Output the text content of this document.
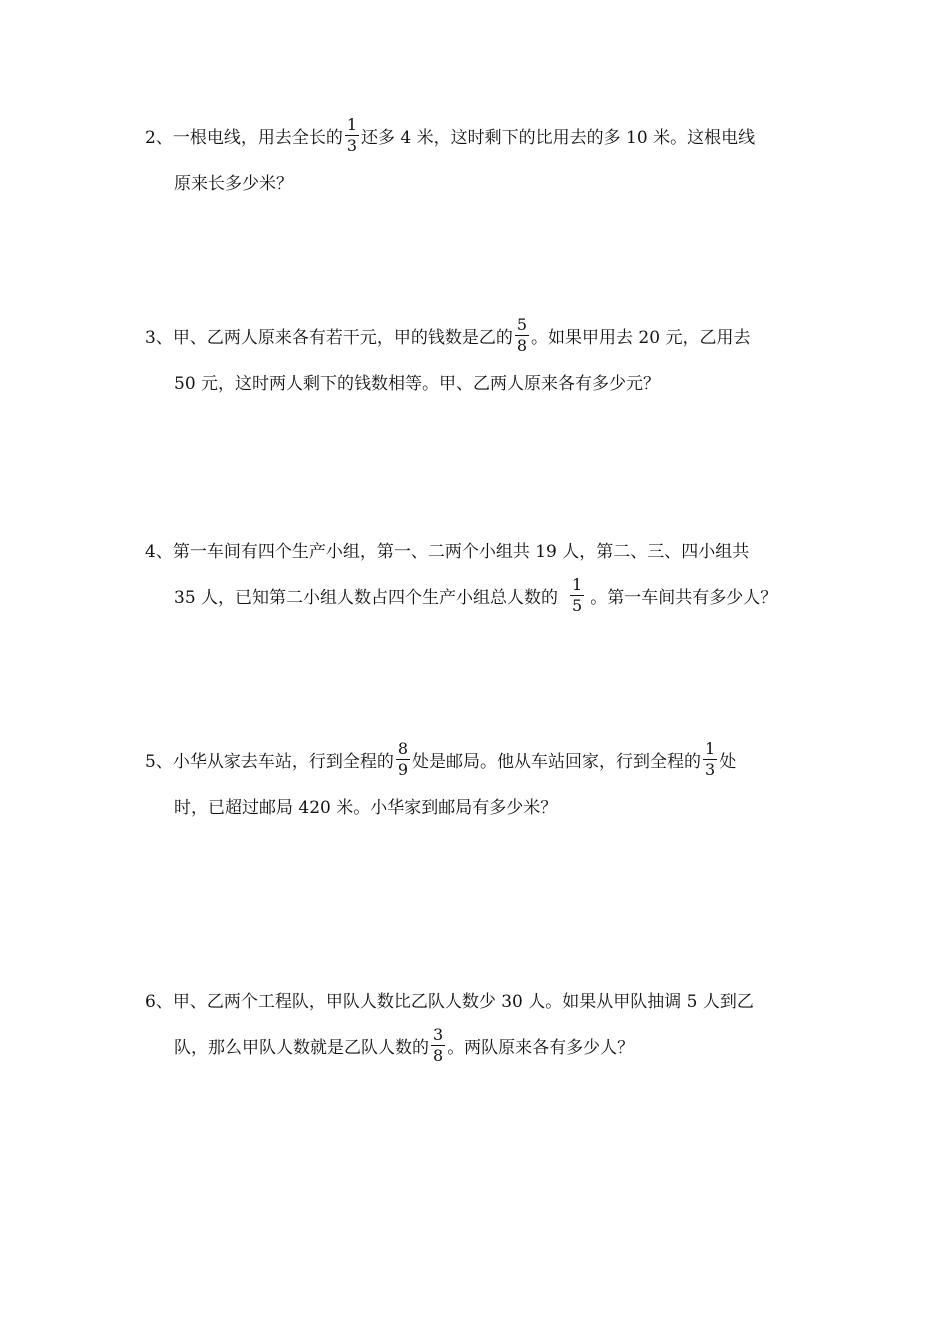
2、一根电线，用去全长的 $\frac{1}{3}$ 还多 4 米，这时剩下的比用去的多 10 米。这根电线
原来长多少米？
3、甲、乙两人原来各有若干元，甲的钱数是乙的 $\frac{5}{8}$ 。如果甲用去 20 元，乙用去
50 元，这时两人剩下的钱数相等。甲、乙两人原来各有多少元？
4、第一车间有四个生产小组，第一、二两个小组共 19 人，第二、三、四小组共
35 人，已知第二小组人数占四个生产小组总人数的 $\frac{1}{5}$ 。第一车间共有多少人？
5、小华从家去车站，行到全程的 $\frac{8}{9}$ 处是邮局。他从车站回家，行到全程的 $\frac{1}{3}$ 处
时，已超过邮局 420 米。小华家到邮局有多少米？
6、甲、乙两个工程队，甲队人数比乙队人数少 30 人。如果从甲队抽调 5 人到乙
队，那么甲队人数就是乙队人数的 $\frac{3}{8}$ 。两队原来各有多少人？
